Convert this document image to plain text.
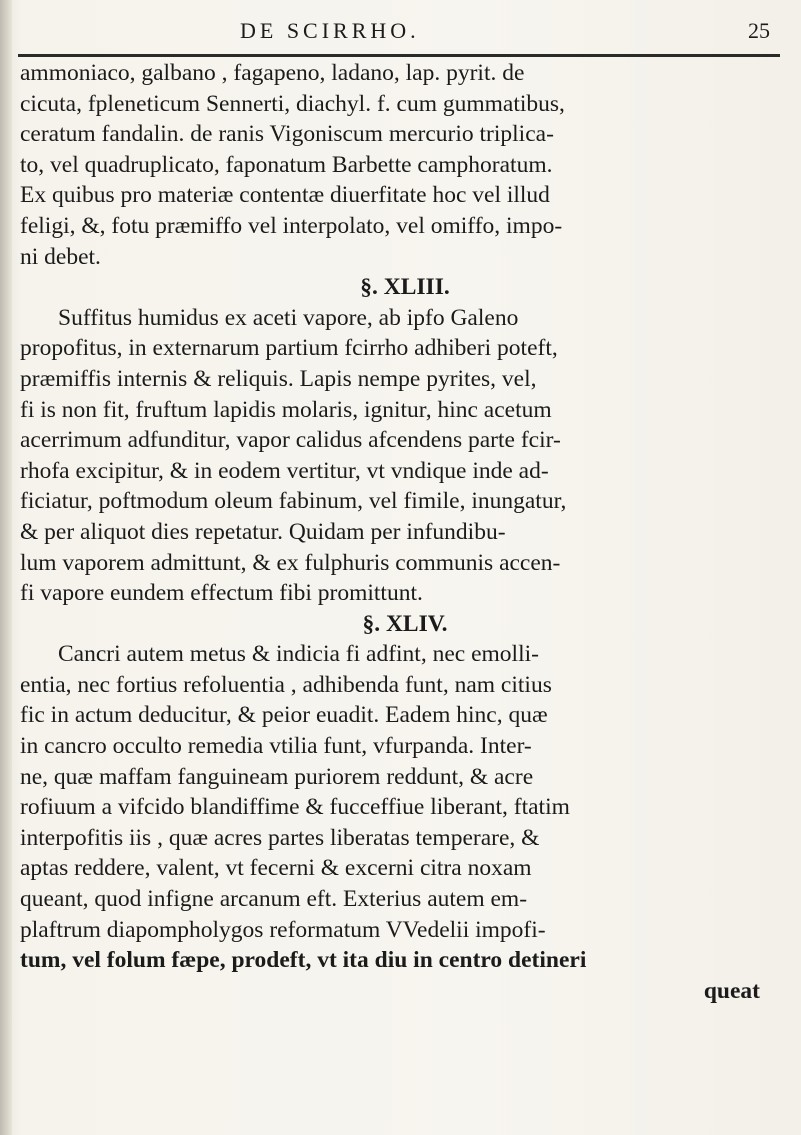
DE SCIRRHO.	25
ammoniaco, galbano , fagapeno, ladano, lap. pyrit. de
cicuta, fpleneticum Sennerti, diachyl. f. cum gummatibus,
ceratum fandalin. de ranis Vigoniscum mercurio triplica-
to, vel quadruplicato, faponatum Barbette camphoratum.
Ex quibus pro materiæ contentæ diuerfitate hoc vel illud
feligi, &, fotu præmiffo vel interpolato, vel omiffo, impo-
ni debet.
§. XLIII.
Suffitus humidus ex aceti vapore, ab ipfo Galeno
propofitus, in externarum partium fcirrho adhiberi poteft,
præmiffis internis & reliquis. Lapis nempe pyrites, vel,
fi is non fit, fruftum lapidis molaris, ignitur, hinc acetum
acerrimum adfunditur, vapor calidus afcendens parte fcir-
rhofa excipitur, & in eodem vertitur, vt vndique inde ad-
ficiatur, poftmodum oleum fabinum, vel fimile, inungatur,
& per aliquot dies repetatur. Quidam per infundibu-
lum vaporem admittunt, & ex fulphuris communis accen-
fi vapore eundem effectum fibi promittunt.
§. XLIV.
Cancri autem metus & indicia fi adfint, nec emolli-
entia, nec fortius refoluentia , adhibenda funt, nam citius
fic in actum deducitur, & peior euadit. Eadem hinc, quæ
in cancro occulto remedia vtilia funt, vfurpanda. Inter-
ne, quæ maffam fanguineam puriorem reddunt, & acre
rofiuum a vifcido blandiffime & fucceffiue liberant, ftatim
interpofitis iis , quæ acres partes liberatas temperare, &
aptas reddere, valent, vt fecerni & excerni citra noxam
queant, quod infigne arcanum eft. Exterius autem em-
plaftrum diapompholygos reformatum VVedelii impofi-
tum, vel folum fæpe, prodeft, vt ita diu in centro detineri
queat
